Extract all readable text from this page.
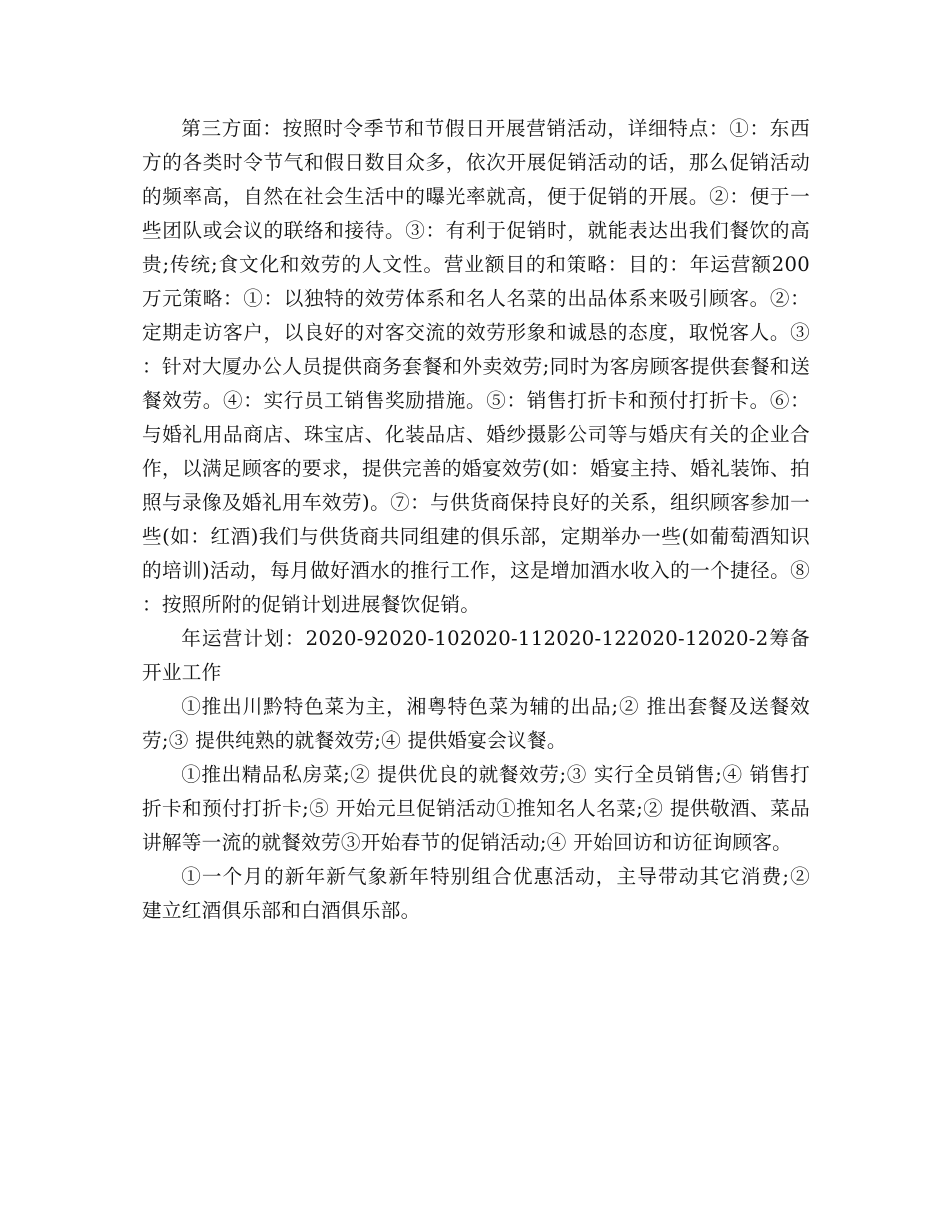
第三方面：按照时令季节和节假日开展营销活动，详细特点：①：东西方的各类时令节气和假日数目众多，依次开展促销活动的话，那么促销活动的频率高，自然在社会生活中的曝光率就高，便于促销的开展。②：便于一些团队或会议的联络和接待。③：有利于促销时，就能表达出我们餐饮的高贵;传统;食文化和效劳的人文性。营业额目的和策略：目的：年运营额200万元策略：①：以独特的效劳体系和名人名菜的出品体系来吸引顾客。②：定期走访客户，以良好的对客交流的效劳形象和诚恳的态度，取悦客人。③：针对大厦办公人员提供商务套餐和外卖效劳;同时为客房顾客提供套餐和送餐效劳。④：实行员工销售奖励措施。⑤：销售打折卡和预付打折卡。⑥：与婚礼用品商店、珠宝店、化装品店、婚纱摄影公司等与婚庆有关的企业合作，以满足顾客的要求，提供完善的婚宴效劳(如：婚宴主持、婚礼装饰、拍照与录像及婚礼用车效劳)。⑦：与供货商保持良好的关系，组织顾客参加一些(如：红酒)我们与供货商共同组建的俱乐部，定期举办一些(如葡萄酒知识的培训)活动，每月做好酒水的推行工作，这是增加酒水收入的一个捷径。⑧：按照所附的促销计划进展餐饮促销。

年运营计划：2020-92020-102020-112020-122020-12020-2筹备开业工作

①推出川黔特色菜为主，湘粤特色菜为辅的出品;② 推出套餐及送餐效劳;③ 提供纯熟的就餐效劳;④ 提供婚宴会议餐。

①推出精品私房菜;② 提供优良的就餐效劳;③ 实行全员销售;④ 销售打折卡和预付打折卡;⑤ 开始元旦促销活动①推知名人名菜;② 提供敬酒、菜品讲解等一流的就餐效劳③开始春节的促销活动;④ 开始回访和访征询顾客。

①一个月的新年新气象新年特别组合优惠活动，主导带动其它消费;② 建立红酒俱乐部和白酒俱乐部。
